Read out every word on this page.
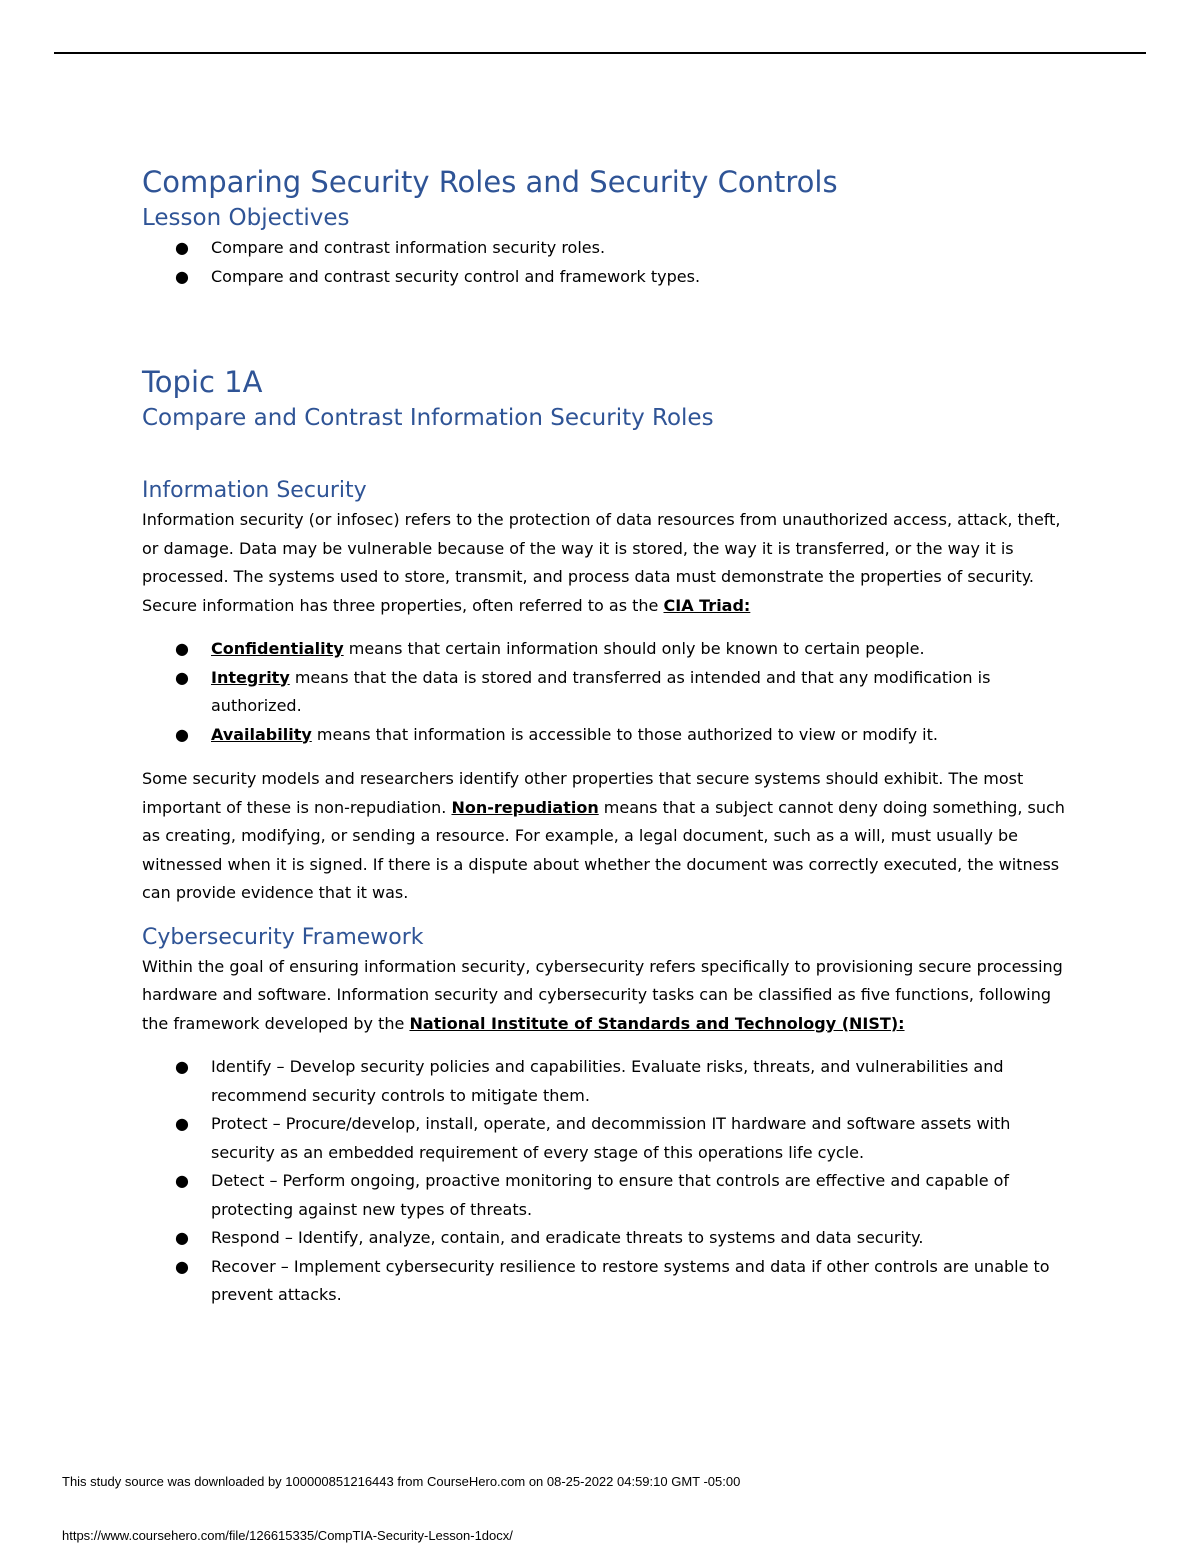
Comparing Security Roles and Security Controls
Lesson Objectives
● Compare and contrast information security roles.
● Compare and contrast security control and framework types.
Topic 1A
Compare and Contrast Information Security Roles
Information Security

Information security (or infosec) refers to the protection of data resources from unauthorized access, attack, theft, or damage. Data may be vulnerable because of the way it is stored, the way it is transferred, or the way it is processed. The systems used to store, transmit, and process data must demonstrate the properties of security. Secure information has three properties, often referred to as the CIA Triad:

● Confidentiality means that certain information should only be known to certain people.
● Integrity means that the data is stored and transferred as intended and that any modification is authorized.
● Availability means that information is accessible to those authorized to view or modify it.

Some security models and researchers identify other properties that secure systems should exhibit. The most important of these is non-repudiation. Non-repudiation means that a subject cannot deny doing something, such as creating, modifying, or sending a resource. For example, a legal document, such as a will, must usually be witnessed when it is signed. If there is a dispute about whether the document was correctly executed, the witness can provide evidence that it was.

Cybersecurity Framework

Within the goal of ensuring information security, cybersecurity refers specifically to provisioning secure processing hardware and software. Information security and cybersecurity tasks can be classified as five functions, following the framework developed by the National Institute of Standards and Technology (NIST):

● Identify – Develop security policies and capabilities. Evaluate risks, threats, and vulnerabilities and recommend security controls to mitigate them.
● Protect – Procure/develop, install, operate, and decommission IT hardware and software assets with security as an embedded requirement of every stage of this operations life cycle.
● Detect – Perform ongoing, proactive monitoring to ensure that controls are effective and capable of protecting against new types of threats.
● Respond – Identify, analyze, contain, and eradicate threats to systems and data security.
● Recover – Implement cybersecurity resilience to restore systems and data if other controls are unable to prevent attacks.
This study source was downloaded by 100000851216443 from CourseHero.com on 08-25-2022 04:59:10 GMT -05:00
https://www.coursehero.com/file/126615335/CompTIA-Security-Lesson-1docx/
